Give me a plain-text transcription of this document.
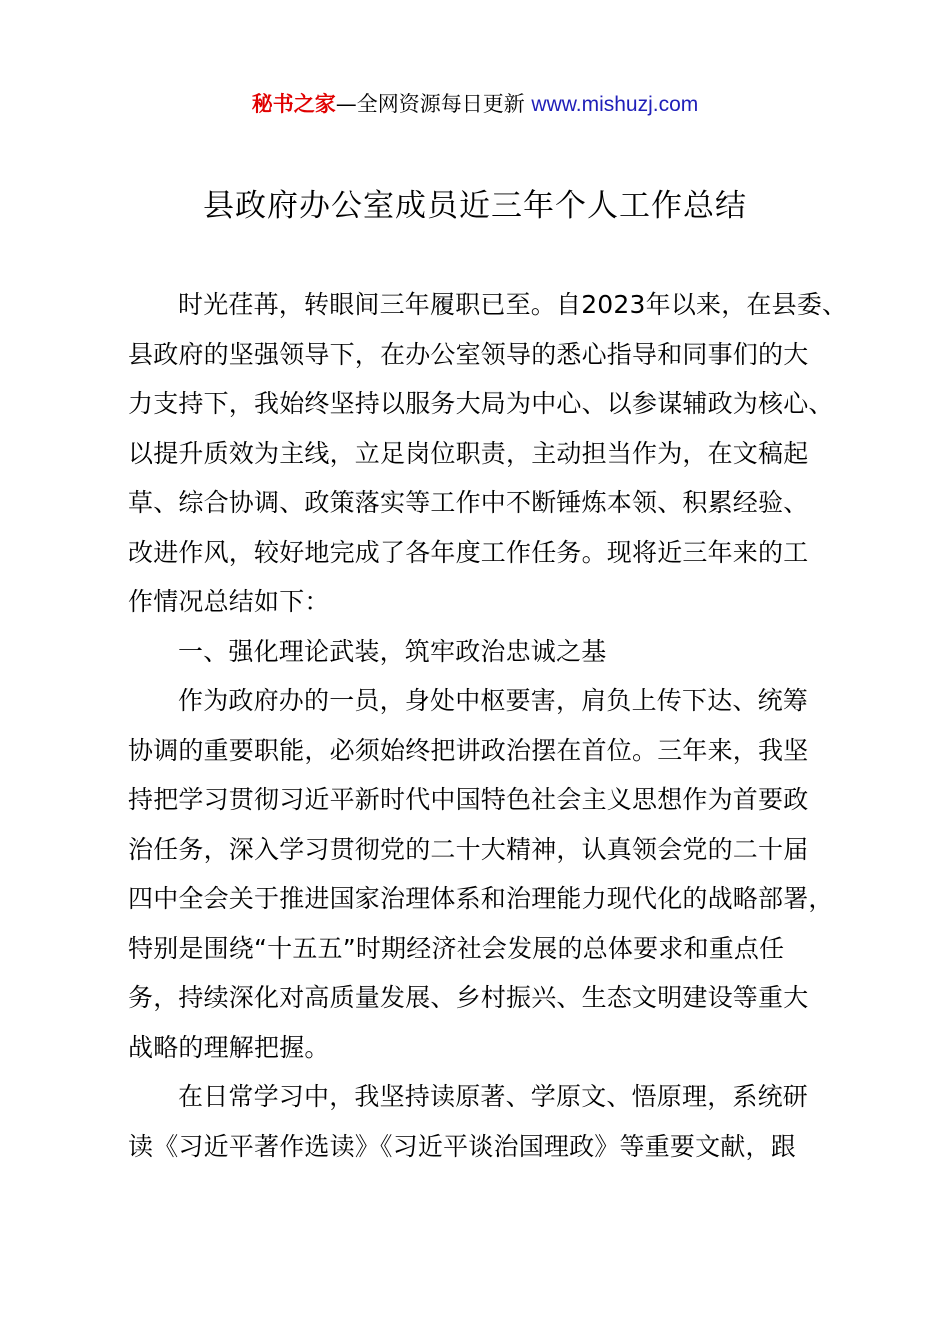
秘书之家—全网资源每日更新 www.mishuzj.com
县政府办公室成员近三年个人工作总结
时光荏苒，转眼间三年履职已至。自2023年以来，在县委、
县政府的坚强领导下，在办公室领导的悉心指导和同事们的大
力支持下，我始终坚持以服务大局为中心、以参谋辅政为核心、
以提升质效为主线，立足岗位职责，主动担当作为，在文稿起
草、综合协调、政策落实等工作中不断锤炼本领、积累经验、
改进作风，较好地完成了各年度工作任务。现将近三年来的工
作情况总结如下：
一、强化理论武装，筑牢政治忠诚之基
作为政府办的一员，身处中枢要害，肩负上传下达、统筹
协调的重要职能，必须始终把讲政治摆在首位。三年来，我坚
持把学习贯彻习近平新时代中国特色社会主义思想作为首要政
治任务，深入学习贯彻党的二十大精神，认真领会党的二十届
四中全会关于推进国家治理体系和治理能力现代化的战略部署，
特别是围绕“十五五”时期经济社会发展的总体要求和重点任
务，持续深化对高质量发展、乡村振兴、生态文明建设等重大
战略的理解把握。
在日常学习中，我坚持读原著、学原文、悟原理，系统研
读《习近平著作选读》《习近平谈治国理政》等重要文献，跟
